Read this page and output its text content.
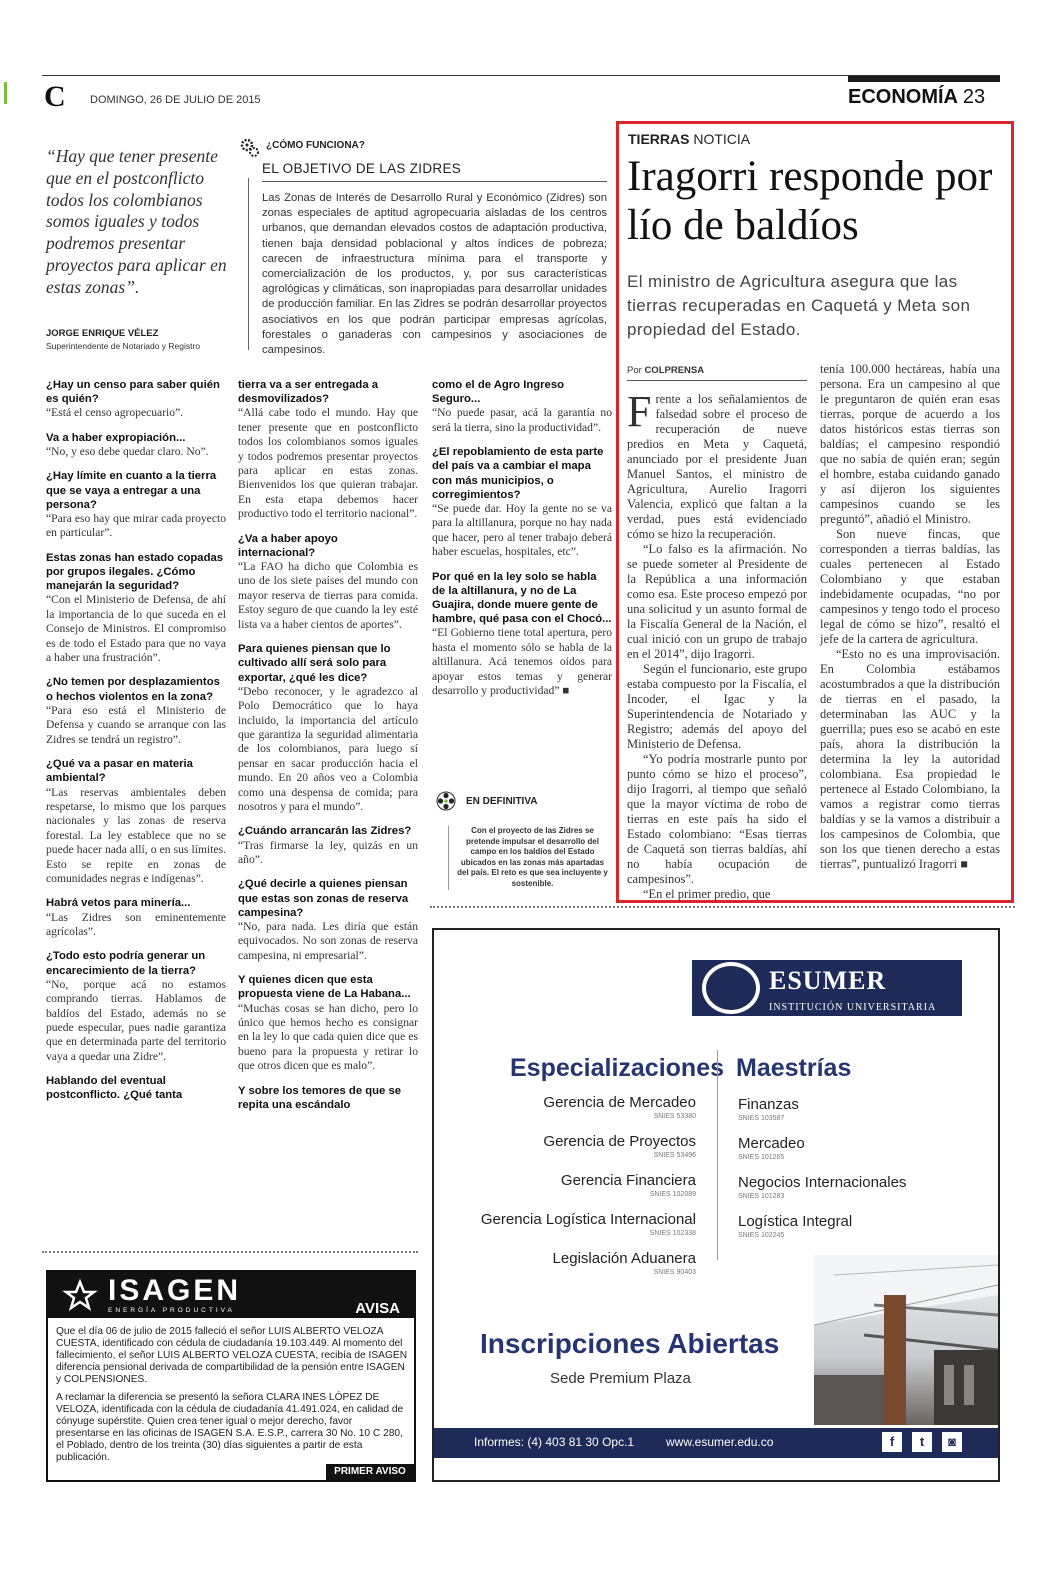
C DOMINGO, 26 DE JULIO DE 2015	ECONOMÍA 23
“Hay que tener presente que en el postconflicto todos los colombianos somos iguales y todos podremos presentar proyectos para aplicar en estas zonas”.
JORGE ENRIQUE VÉLEZ
Superintendente de Notariado y Registro
¿CÓMO FUNCIONA?
EL OBJETIVO DE LAS ZIDRES
Las Zonas de Interés de Desarrollo Rural y Económico (Zidres) son zonas especiales de aptitud agropecuaria aisladas de los centros urbanos, que demandan elevados costos de adaptación productiva, tienen baja densidad poblacional y altos índices de pobreza; carecen de infraestructura mínima para el transporte y comercialización de los productos, y, por sus características agrológicas y climáticas, son inapropiadas para desarrollar unidades de producción familiar. En las Zidres se podrán desarrollar proyectos asociativos en los que podrán participar empresas agrícolas, forestales o ganaderas con campesinos y asociaciones de campesinos.
¿Hay un censo para saber quién es quién?
“Está el censo agropecuario”.
Va a haber expropiación...
“No, y eso debe quedar claro. No”.
¿Hay límite en cuanto a la tierra que se vaya a entregar a una persona?
“Para eso hay que mirar cada proyecto en particular”.
Estas zonas han estado copadas por grupos ilegales. ¿Cómo manejarán la seguridad?
“Con el Ministerio de Defensa, de ahí la importancia de lo que suceda en el Consejo de Ministros. El compromiso es de todo el Estado para que no vaya a haber una frustración”.
¿No temen por desplazamientos o hechos violentos en la zona?
“Para eso está el Ministerio de Defensa y cuando se arranque con las Zidres se tendrá un registro”.
¿Qué va a pasar en materia ambiental?
“Las reservas ambientales deben respetarse, lo mismo que los parques nacionales y las zonas de reserva forestal. La ley establece que no se puede hacer nada allí, o en sus límites. Esto se repite en zonas de comunidades negras e indígenas”.
Habrá vetos para minería...
“Las Zidres son eminentemente agrícolas”.
¿Todo esto podría generar un encarecimiento de la tierra?
“No, porque acá no estamos comprando tierras. Hablamos de baldíos del Estado, además no se puede especular, pues nadie garantiza que en determinada parte del territorio vaya a quedar una Zidre”.
Hablando del eventual postconflicto. ¿Qué tanta
tierra va a ser entregada a desmovilizados?
“Allá cabe todo el mundo. Hay que tener presente que en postconflicto todos los colombianos somos iguales y todos podremos presentar proyectos para aplicar en estas zonas. Bienvenidos los que quieran trabajar. En esta etapa debemos hacer productivo todo el territorio nacional”.
¿Va a haber apoyo internacional?
“La FAO ha dicho que Colombia es uno de los siete países del mundo con mayor reserva de tierras para comida. Estoy seguro de que cuando la ley esté lista va a haber cientos de aportes”.
Para quienes piensan que lo cultivado allí será solo para exportar, ¿qué les dice?
“Debo reconocer, y le agradezco al Polo Democrático que lo haya incluido, la importancia del artículo que garantiza la seguridad alimentaria de los colombianos, para luego sí pensar en sacar producción hacia el mundo. En 20 años veo a Colombia como una despensa de comida; para nosotros y para el mundo”.
¿Cuándo arrancarán las Zidres?
“Tras firmarse la ley, quizás en un año”.
¿Qué decirle a quienes piensan que estas son zonas de reserva campesina?
“No, para nada. Les diría que están equivocados. No son zonas de reserva campesina, ni empresarial”.
Y quienes dicen que esta propuesta viene de La Habana...
“Muchas cosas se han dicho, pero lo único que hemos hecho es consignar en la ley lo que cada quien dice que es bueno para la propuesta y retirar lo que otros dicen que es malo”.
Y sobre los temores de que se repita una escándalo
como el de Agro Ingreso Seguro...
“No puede pasar, acá la garantía no será la tierra, sino la productividad”.
¿El repoblamiento de esta parte del país va a cambiar el mapa con más municipios, o corregimientos?
“Se puede dar. Hoy la gente no se va para la altillanura, porque no hay nada que hacer, pero al tener trabajo deberá haber escuelas, hospitales, etc”.
Por qué en la ley solo se habla de la altillanura, y no de La Guajira, donde muere gente de hambre, qué pasa con el Chocó...
“El Gobierno tiene total apertura, pero hasta el momento sólo se habla de la altillanura. Acá tenemos oídos para apoyar estos temas y generar desarrollo y productividad” ■
EN DEFINITIVA
Con el proyecto de las Zidres se pretende impulsar el desarrollo del campo en los baldíos del Estado ubicados en las zonas más apartadas del país. El reto es que sea incluyente y sostenible.
TIERRAS NOTICIA
Iragorri responde por lío de baldíos
El ministro de Agricultura asegura que las tierras recuperadas en Caquetá y Meta son propiedad del Estado.
Por COLPRENSA

Frente a los señalamientos de falsedad sobre el proceso de recuperación de nueve predios en Meta y Caquetá, anunciado por el presidente Juan Manuel Santos, el ministro de Agricultura, Aurelio Iragorri Valencia, explicó que faltan a la verdad, pues está evidenciado cómo se hizo la recuperación.

“Lo falso es la afirmación. No se puede someter al Presidente de la República a una información como esa. Este proceso empezó por una solicitud y un asunto formal de la Fiscalía General de la Nación, el cual inició con un grupo de trabajo en el 2014”, dijo Iragorri.

Según el funcionario, este grupo estaba compuesto por la Fiscalía, el Incoder, el Igac y la Superintendencia de Notariado y Registro; además del apoyo del Ministerio de Defensa.

“Yo podría mostrarle punto por punto cómo se hizo el proceso”, dijo Iragorri, al tiempo que señaló que la mayor víctima de robo de tierras en este país ha sido el Estado colombiano: “Esas tierras de Caquetá son tierras baldías, ahí no había ocupación de campesinos”.

“En el primer predio, que

tenía 100.000 hectáreas, había una persona. Era un campesino al que le preguntaron de quién eran esas tierras, porque de acuerdo a los datos históricos estas tierras son baldías; el campesino respondió que no sabía de quién eran; según el hombre, estaba cuidando ganado y así dijeron los siguientes campesinos cuando se les preguntó”, añadió el Ministro.

Son nueve fincas, que corresponden a tierras baldías, las cuales pertenecen al Estado Colombiano y que estaban indebidamente ocupadas, “no por campesinos y tengo todo el proceso legal de cómo se hizo”, resaltó el jefe de la cartera de agricultura.

“Esto no es una improvisación. En Colombia estábamos acostumbrados a que la distribución de tierras en el pasado, la determinaban las AUC y la guerrilla; pues eso se acabó en este país, ahora la distribución la determina la ley la autoridad colombiana. Esa propiedad le pertenece al Estado Colombiano, la vamos a registrar como tierras baldías y se la vamos a distribuir a los campesinos de Colombia, que son los que tienen derecho a estas tierras”, puntualizó Iragorri ■

ISAGEN
ENERGÍA PRODUCTIVA	AVISA

Que el día 06 de julio de 2015 falleció el señor LUIS ALBERTO VELOZA CUESTA, identificado con cédula de ciudadanía 19.103.449. Al momento del fallecimiento, el señor LUIS ALBERTO VELOZA CUESTA, recibía de ISAGEN diferencia pensional derivada de compartibilidad de la pensión entre ISAGEN y COLPENSIONES.

A reclamar la diferencia se presentó la señora CLARA INES LÓPEZ DE VELOZA, identificada con la cédula de ciudadanía 41.491.024, en calidad de cónyuge supérstite. Quien crea tener igual o mejor derecho, favor presentarse en las oficinas de ISAGEN S.A. E.S.P., carrera 30 No. 10 C 280, el Poblado, dentro de los treinta (30) días siguientes a partir de esta publicación.

PRIMER AVISO
ESUMER
INSTITUCIÓN UNIVERSITARIA
Especializaciones Maestrías
Gerencia de Mercadeo
SNIES 53380
Gerencia de Proyectos
SNIES 53496
Gerencia Financiera
SNIES 102089
Gerencia Logística Internacional
SNIES 102338
Legislación Aduanera
SNIES 90403
Finanzas
SNIES 103587
Mercadeo
SNIES 101265
Negocios Internacionales
SNIES 101283
Logística Integral
SNIES 102245
Inscripciones Abiertas
Sede Premium Plaza
Informes: (4) 403 81 30 Opc.1	www.esumer.edu.co	f	t	◙
